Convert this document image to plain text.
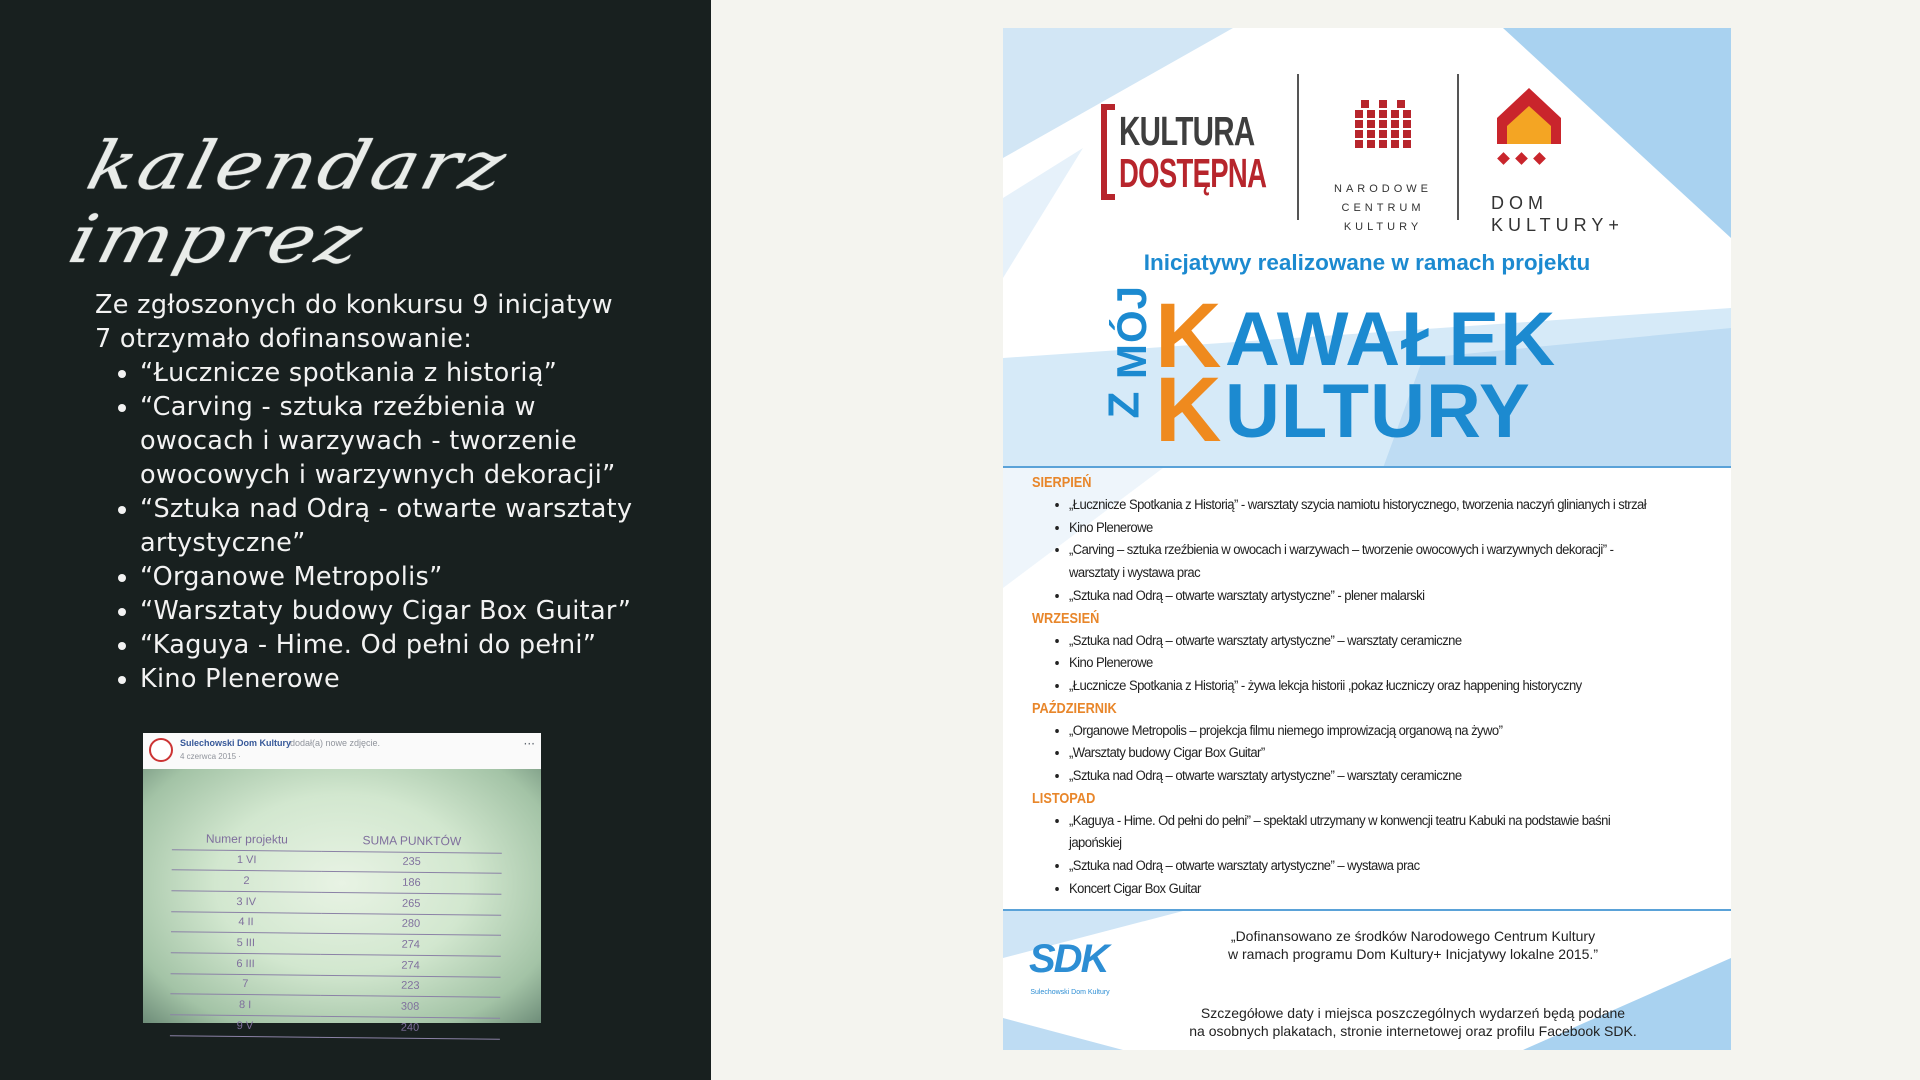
kalendarz imprez
Ze zgłoszonych do konkursu 9 inicjatyw
7 otrzymało dofinansowanie:
• “Łucznicze spotkania z historią”
• “Carving - sztuka rzeźbienia w owocach i warzywach - tworzenie owocowych i warzywnych dekoracji”
• “Sztuka nad Odrą - otwarte warsztaty artystyczne”
• “Organowe Metropolis”
• “Warsztaty budowy Cigar Box Guitar”
• “Kaguya - Hime. Od pełni do pełni”
• Kino Plenerowe
Sulechowski Dom Kultury
dodał(a) nowe zdjęcie.
4 czerwca 2015 ·
···
Numer projektu	SUMA PUNKTÓW
1 VI	235
2	186
3 IV	265
4 II	280
5 III	274
6 III	274
7	223
8 I	308
9 V	240
KULTURA
DOSTĘPNA	NARODOWE
CENTRUM
KULTURY
DOM
KULTURY+
Inicjatywy realizowane w ramach projektu
MÓJ
Z
K AWAŁEK
K ULTURY
SIERPIEŃ
• „Łucznicze Spotkania z Historią” - warsztaty szycia namiotu historycznego, tworzenia naczyń glinianych i strzał
• Kino Plenerowe
• „Carving – sztuka rzeźbienia w owocach i warzywach – tworzenie owocowych i warzywnych dekoracji” -
warsztaty i wystawa prac
• „Sztuka nad Odrą – otwarte warsztaty artystyczne” - plener malarski
WRZESIEŃ
• „Sztuka nad Odrą – otwarte warsztaty artystyczne” – warsztaty ceramiczne
• Kino Plenerowe
• „Łucznicze Spotkania z Historią” - żywa lekcja historii ,pokaz łuczniczy oraz happening historyczny
PAŹDZIERNIK
• „Organowe Metropolis – projekcja filmu niemego improwizacją organową na żywo”
• „Warsztaty budowy Cigar Box Guitar”
• „Sztuka nad Odrą – otwarte warsztaty artystyczne” – warsztaty ceramiczne
LISTOPAD
• „Kaguya - Hime. Od pełni do pełni” – spektakl utrzymany w konwencji teatru Kabuki na podstawie baśni
japońskiej
• „Sztuka nad Odrą – otwarte warsztaty artystyczne” – wystawa prac
• Koncert Cigar Box Guitar
SDK
Sulechowski Dom Kultury
„Dofinansowano ze środków Narodowego Centrum Kultury
w ramach programu Dom Kultury+ Inicjatywy lokalne 2015.”
Szczegółowe daty i miejsca poszczególnych wydarzeń będą podane
na osobnych plakatach, stronie internetowej oraz profilu Facebook SDK.
